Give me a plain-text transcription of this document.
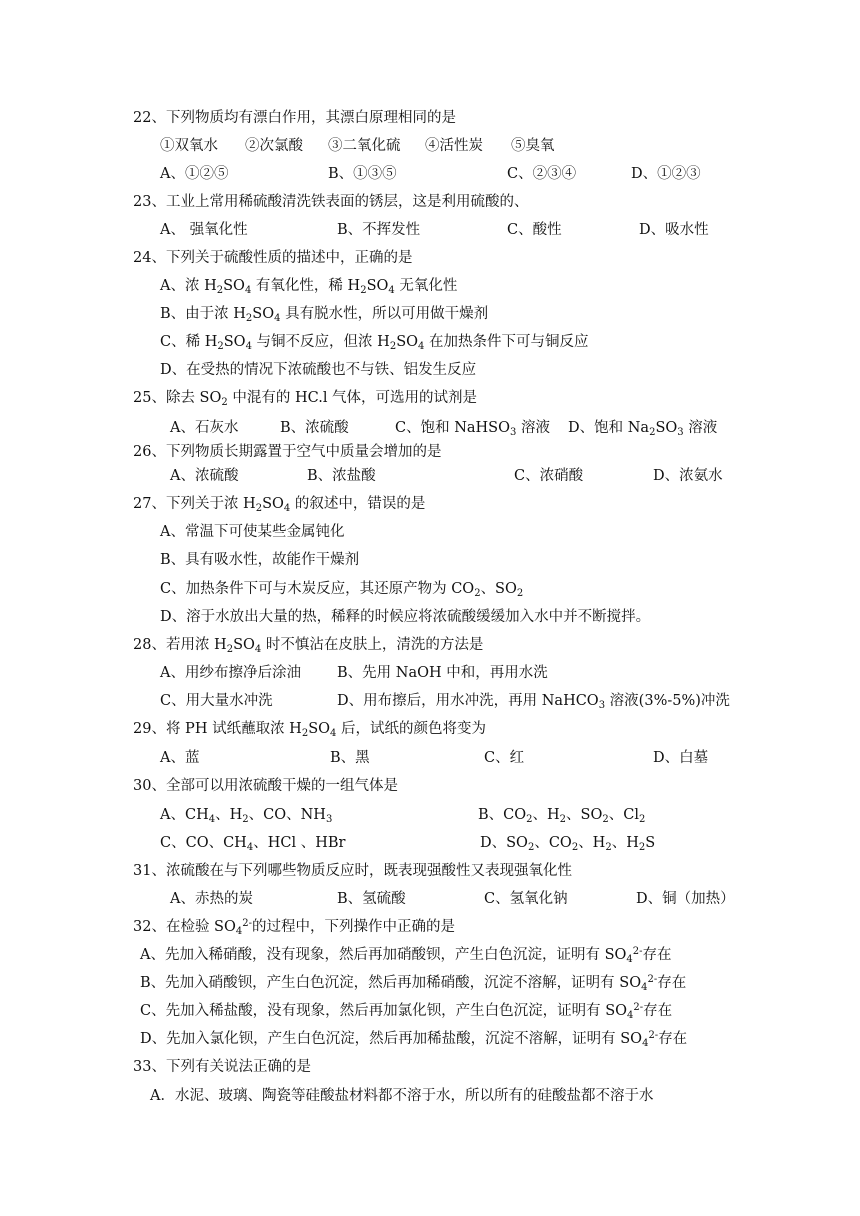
22、下列物质均有漂白作用，其漂白原理相同的是
①双氧水 ②次氯酸 ③二氧化硫 ④活性炭 ⑤臭氧
A、①②⑤	B、①③⑤	C、②③④	D、①②③
23、工业上常用稀硫酸清洗铁表面的锈层，这是利用硫酸的、
A、 强氧化性	B、不挥发性	C、酸性	D、吸水性
24、下列关于硫酸性质的描述中，正确的是
A、浓 $H_2SO_4$ 有氧化性，稀 $H_2SO_4$ 无氧化性
B、由于浓 $H_2SO_4$ 具有脱水性，所以可用做干燥剂
C、稀 $H_2SO_4$ 与铜不反应，但浓 $H_2SO_4$ 在加热条件下可与铜反应
D、在受热的情况下浓硫酸也不与铁、铝发生反应
25、除去 $SO_2$ 中混有的 HC.l 气体，可选用的试剂是
A、石灰水	B、浓硫酸	C、饱和 NaHSO$_3$ 溶液 D、饱和 $Na_2SO_3$ 溶液
26、下列物质长期露置于空气中质量会增加的是
A、浓硫酸	B、浓盐酸	C、浓硝酸	D、浓氨水
27、下列关于浓 $H_2SO_4$ 的叙述中，错误的是
A、常温下可使某些金属钝化
B、具有吸水性，故能作干燥剂
C、加热条件下可与木炭反应，其还原产物为 $CO_2$、$SO_2$
D、溶于水放出大量的热，稀释的时候应将浓硫酸缓缓加入水中并不断搅拌。
28、若用浓 $H_2SO_4$ 时不慎沾在皮肤上，清洗的方法是
A、用纱布擦净后涂油 B、先用 NaOH 中和，再用水洗
C、用大量水冲洗	D、用布擦后，用水冲洗，再用 NaHCO$_3$ 溶液(3%-5%)冲洗
29、将 PH 试纸蘸取浓 $H_2SO_4$ 后，试纸的颜色将变为
A、蓝	B、黑	C、红	D、白墓
30、全部可以用浓硫酸干燥的一组气体是
A、$CH_4$、$H_2$、CO、$NH_3$	B、$CO_2$、$H_2$、$SO_2$、$Cl_2$
C、CO、$CH_4$、HCl 、HBr	D、$SO_2$、$CO_2$、$H_2$、$H_2S$
31、浓硫酸在与下列哪些物质反应时，既表现强酸性又表现强氧化性
A、赤热的炭	B、氢硫酸	C、氢氧化钠	D、铜（加热）
32、在检验 $SO_4^{2-}$的过程中，下列操作中正确的是
A、先加入稀硝酸，没有现象，然后再加硝酸钡，产生白色沉淀，证明有 $SO_4^{2-}$存在
B、先加入硝酸钡，产生白色沉淀，然后再加稀硝酸，沉淀不溶解，证明有 $SO_4^{2-}$存在
C、先加入稀盐酸，没有现象，然后再加氯化钡，产生白色沉淀，证明有 $SO_4^{2-}$存在
D、先加入氯化钡，产生白色沉淀，然后再加稀盐酸，沉淀不溶解，证明有 $SO_4^{2-}$存在
33、下列有关说法正确的是
A．水泥、玻璃、陶瓷等硅酸盐材料都不溶于水，所以所有的硅酸盐都不溶于水
